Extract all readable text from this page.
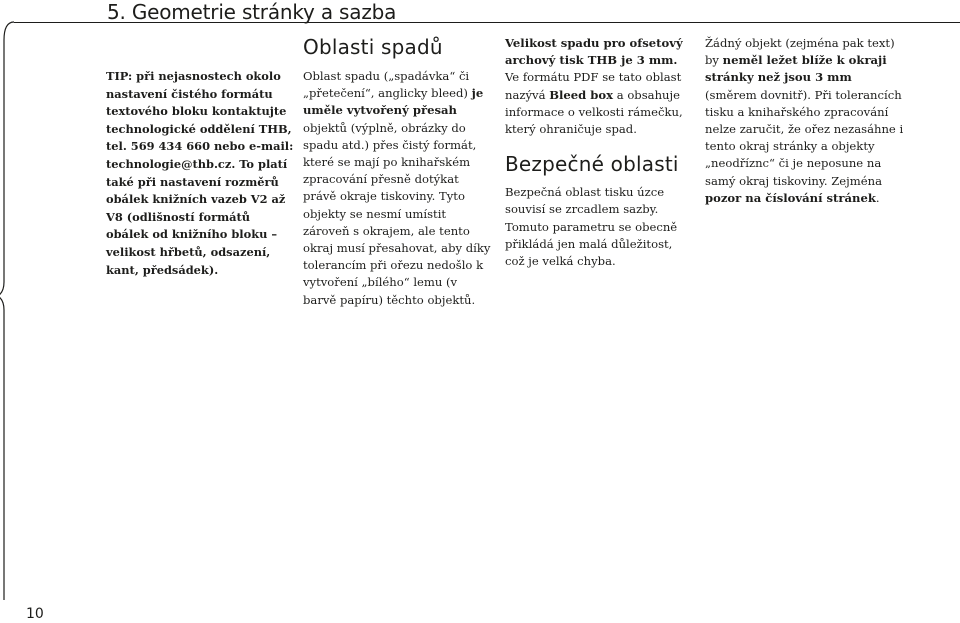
5. Geometrie stránky a sazba

TIP: při nejasnostech okolo nastavení čistého formátu textového bloku kontaktujte technologické oddělení THB, tel. 569 434 660 nebo e-mail: technologie@thb.cz. To platí také při nastavení rozměrů obálek knižních vazeb V2 až V8 (odlišností formátů obálek od knižního bloku – velikost hřbetů, odsazení, kant, předsádek).

Oblasti spadů

Oblast spadu („spadávka“ či „přetečení“, anglicky bleed) je uměle vytvořený přesah objektů (výplně, obrázky do spadu atd.) přes čistý formát, které se mají po knihařském zpracování přesně dotýkat právě okraje tiskoviny. Tyto objekty se nesmí umístit zároveň s okrajem, ale tento okraj musí přesahovat, aby díky tolerancím při ořezu nedošlo k vytvoření „bílého“ lemu (v barvě papíru) těchto objektů.

Velikost spadu pro ofsetový archový tisk THB je 3 mm. Ve formátu PDF se tato oblast nazývá Bleed box a obsahuje informace o velkosti rámečku, který ohraničuje spad.

Bezpečné oblasti

Bezpečná oblast tisku úzce souvisí se zrcadlem sazby. Tomuto parametru se obecně přikládá jen malá důležitost, což je velká chyba.

Žádný objekt (zejména pak text) by neměl ležet blíže k okraji stránky než jsou 3 mm (směrem dovnitř). Při tolerancích tisku a knihařského zpracování nelze zaručit, že ořez nezasáhne i tento okraj stránky a objekty „neodříznc“ či je neposune na samý okraj tiskoviny. Zejména pozor na číslování stránek.

10
